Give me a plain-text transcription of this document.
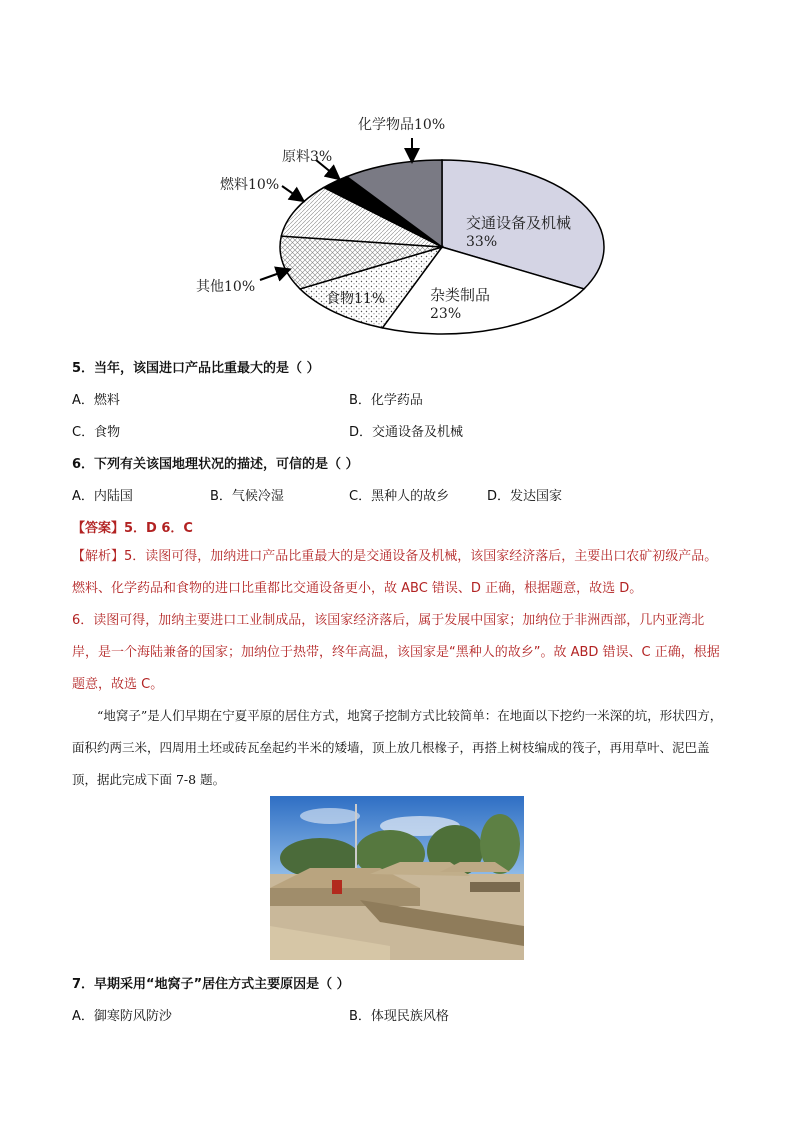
化学物品10%
原料3%
燃料10%
其他10%
食物11%	杂类制品
23%
交通设备及机械
33%
5．当年，该国进口产品比重最大的是（ ）
A．燃料	B．化学药品
C．食物	D．交通设备及机械
6．下列有关该国地理状况的描述，可信的是（ ）
A．内陆国	B．气候冷湿	C．黑种人的故乡	D．发达国家
【答案】5．D 6．C
【解析】5．读图可得，加纳进口产品比重最大的是交通设备及机械，该国家经济落后，主要出口农矿初级产品。燃料、化学药品和食物的进口比重都比交通设备更小，故 ABC 错误、D 正确，根据题意，故选 D。
6．读图可得，加纳主要进口工业制成品，该国家经济落后，属于发展中国家；加纳位于非洲西部，几内亚湾北岸，是一个海陆兼备的国家；加纳位于热带，终年高温，该国家是“黑种人的故乡”。故 ABD 错误、C 正确，根据题意，故选 C。
“地窝子”是人们早期在宁夏平原的居住方式，地窝子挖制方式比较简单：在地面以下挖约一米深的坑，形状四方，面积约两三米，四周用土坯或砖瓦垒起约半米的矮墙，顶上放几根椽子，再搭上树枝编成的筏子，再用草叶、泥巴盖顶，据此完成下面 7-8 题。
7．早期采用“地窝子”居住方式主要原因是（ ）
A．御寒防风防沙	B．体现民族风格
